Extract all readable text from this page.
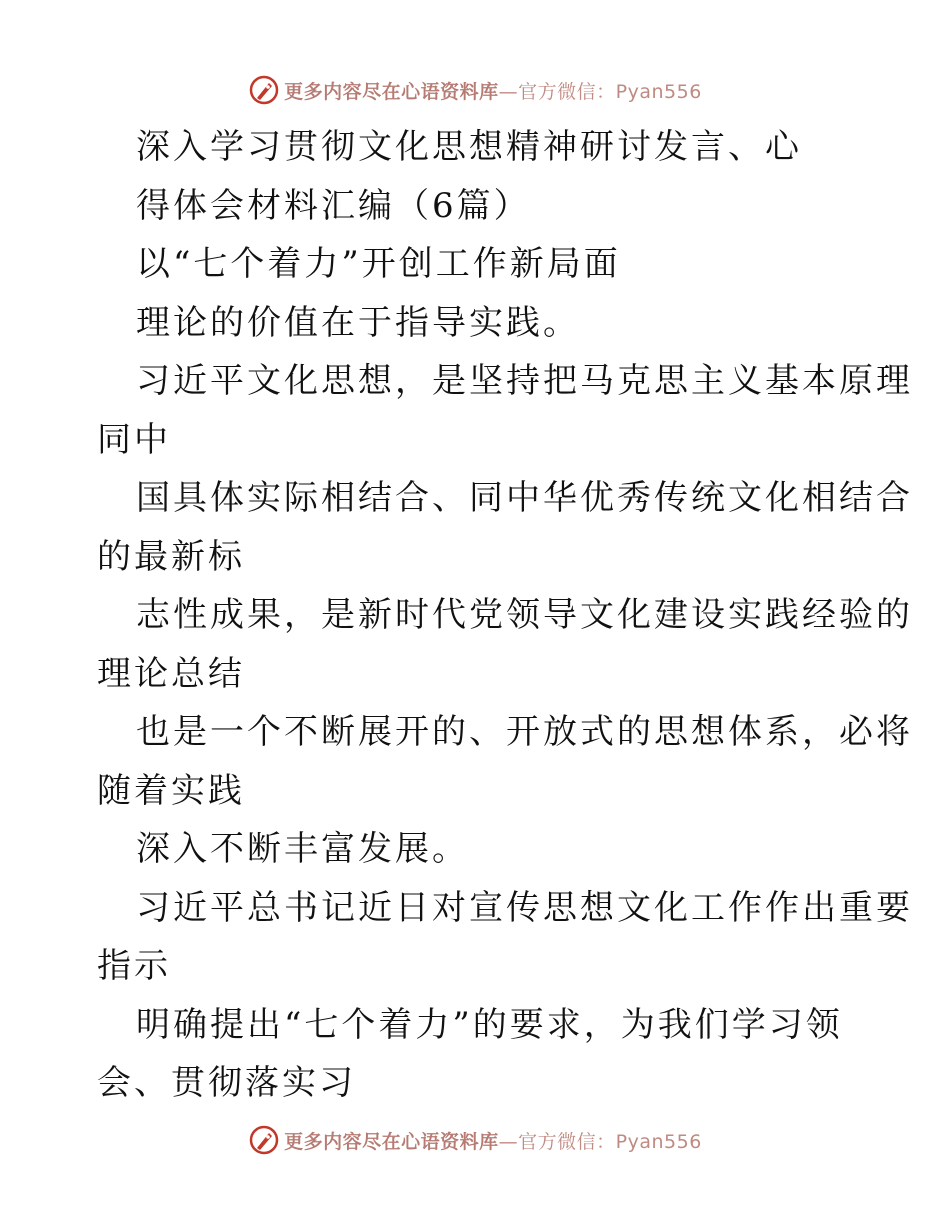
更多内容尽在心语资料库—官方微信：Pyan556

深入学习贯彻文化思想精神研讨发言、心

得体会材料汇编（6篇）

以“七个着力”开创工作新局面

理论的价值在于指导实践。

习近平文化思想，是坚持把马克思主义基本原理

同中

国具体实际相结合、同中华优秀传统文化相结合

的最新标

志性成果，是新时代党领导文化建设实践经验的

理论总结

也是一个不断展开的、开放式的思想体系，必将

随着实践

深入不断丰富发展。

习近平总书记近日对宣传思想文化工作作出重要

指示

明确提出“七个着力”的要求，为我们学习领

会、贯彻落实习

更多内容尽在心语资料库—官方微信：Pyan556
